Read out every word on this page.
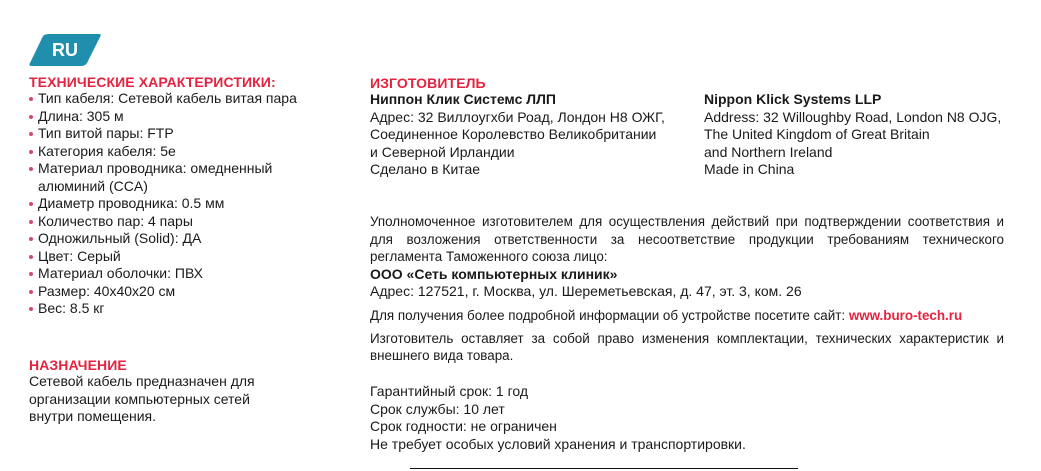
RU
ТЕХНИЧЕСКИЕ ХАРАКТЕРИСТИКИ:
Тип кабеля: Сетевой кабель витая пара
Длина: 305 м
Тип витой пары: FTP
Категория кабеля: 5e
Материал проводника: омедненный алюминий (CCA)
Диаметр проводника: 0.5 мм
Количество пар: 4 пары
Одножильный (Solid): ДА
Цвет: Серый
Материал оболочки: ПВХ
Размер: 40x40x20 см
Вес: 8.5 кг
НАЗНАЧЕНИЕ
Сетевой кабель предназначен для организации компьютерных сетей внутри помещения.
ИЗГОТОВИТЕЛЬ
Ниппон Клик Системс ЛЛП
Адрес: 32 Виллоугхби Роад, Лондон Н8 ОЖГ,
Соединенное Королевство Великобритании
и Северной Ирландии
Сделано в Китае
Nippon Klick Systems LLP
Address: 32 Willoughby Road, London N8 OJG,
The United Kingdom of Great Britain
and Northern Ireland
Made in China

Уполномоченное изготовителем для осуществления действий при подтверждении соответствия и для возложения ответственности за несоответствие продукции требованиям технического регламента Таможенного союза лицо:

ООО «Сеть компьютерных клиник»
Адрес: 127521, г. Москва, ул. Шереметьевская, д. 47, эт. 3, ком. 26
Для получения более подробной информации об устройстве посетите сайт: www.buro-tech.ru

Изготовитель оставляет за собой право изменения комплектации, технических характеристик и внешнего вида товара.

Гарантийный срок: 1 год
Срок службы: 10 лет
Срок годности: не ограничен
Не требует особых условий хранения и транспортировки.
